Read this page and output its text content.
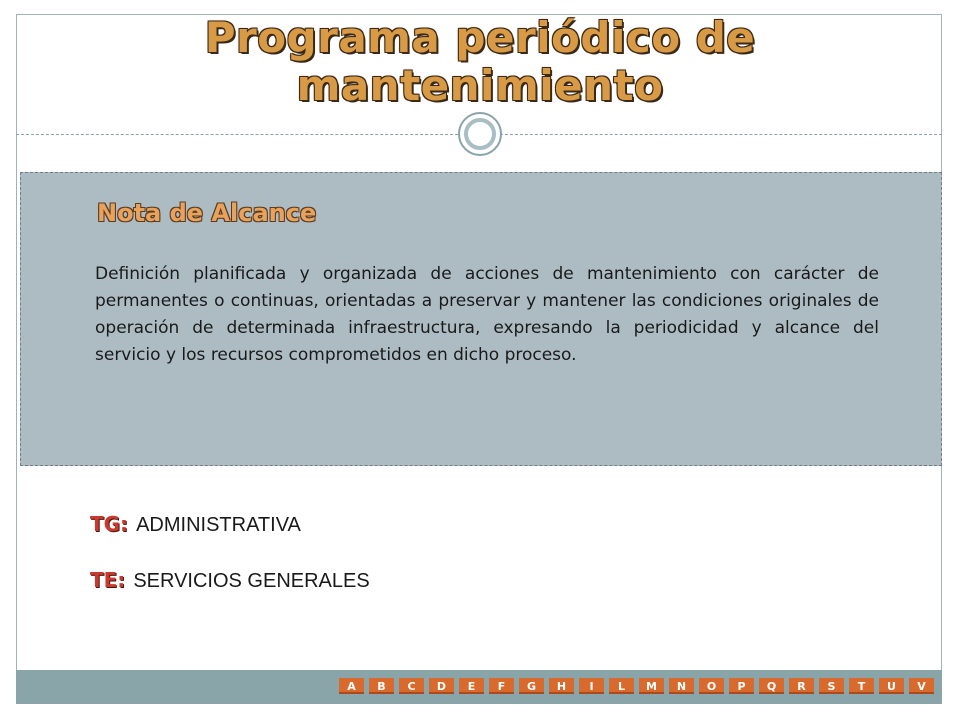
Programa periódico de mantenimiento
Nota de Alcance

Definición planificada y organizada de acciones de mantenimiento con carácter de permanentes o continuas, orientadas a preservar y mantener las condiciones originales de operación de determinada infraestructura, expresando la periodicidad y alcance del servicio y los recursos comprometidos en dicho proceso.

TG: ADMINISTRATIVA
TE: SERVICIOS GENERALES
A	B	C	D	E	F	G	H	I	L	M	N	O	P	Q	R	S	T	U	V
